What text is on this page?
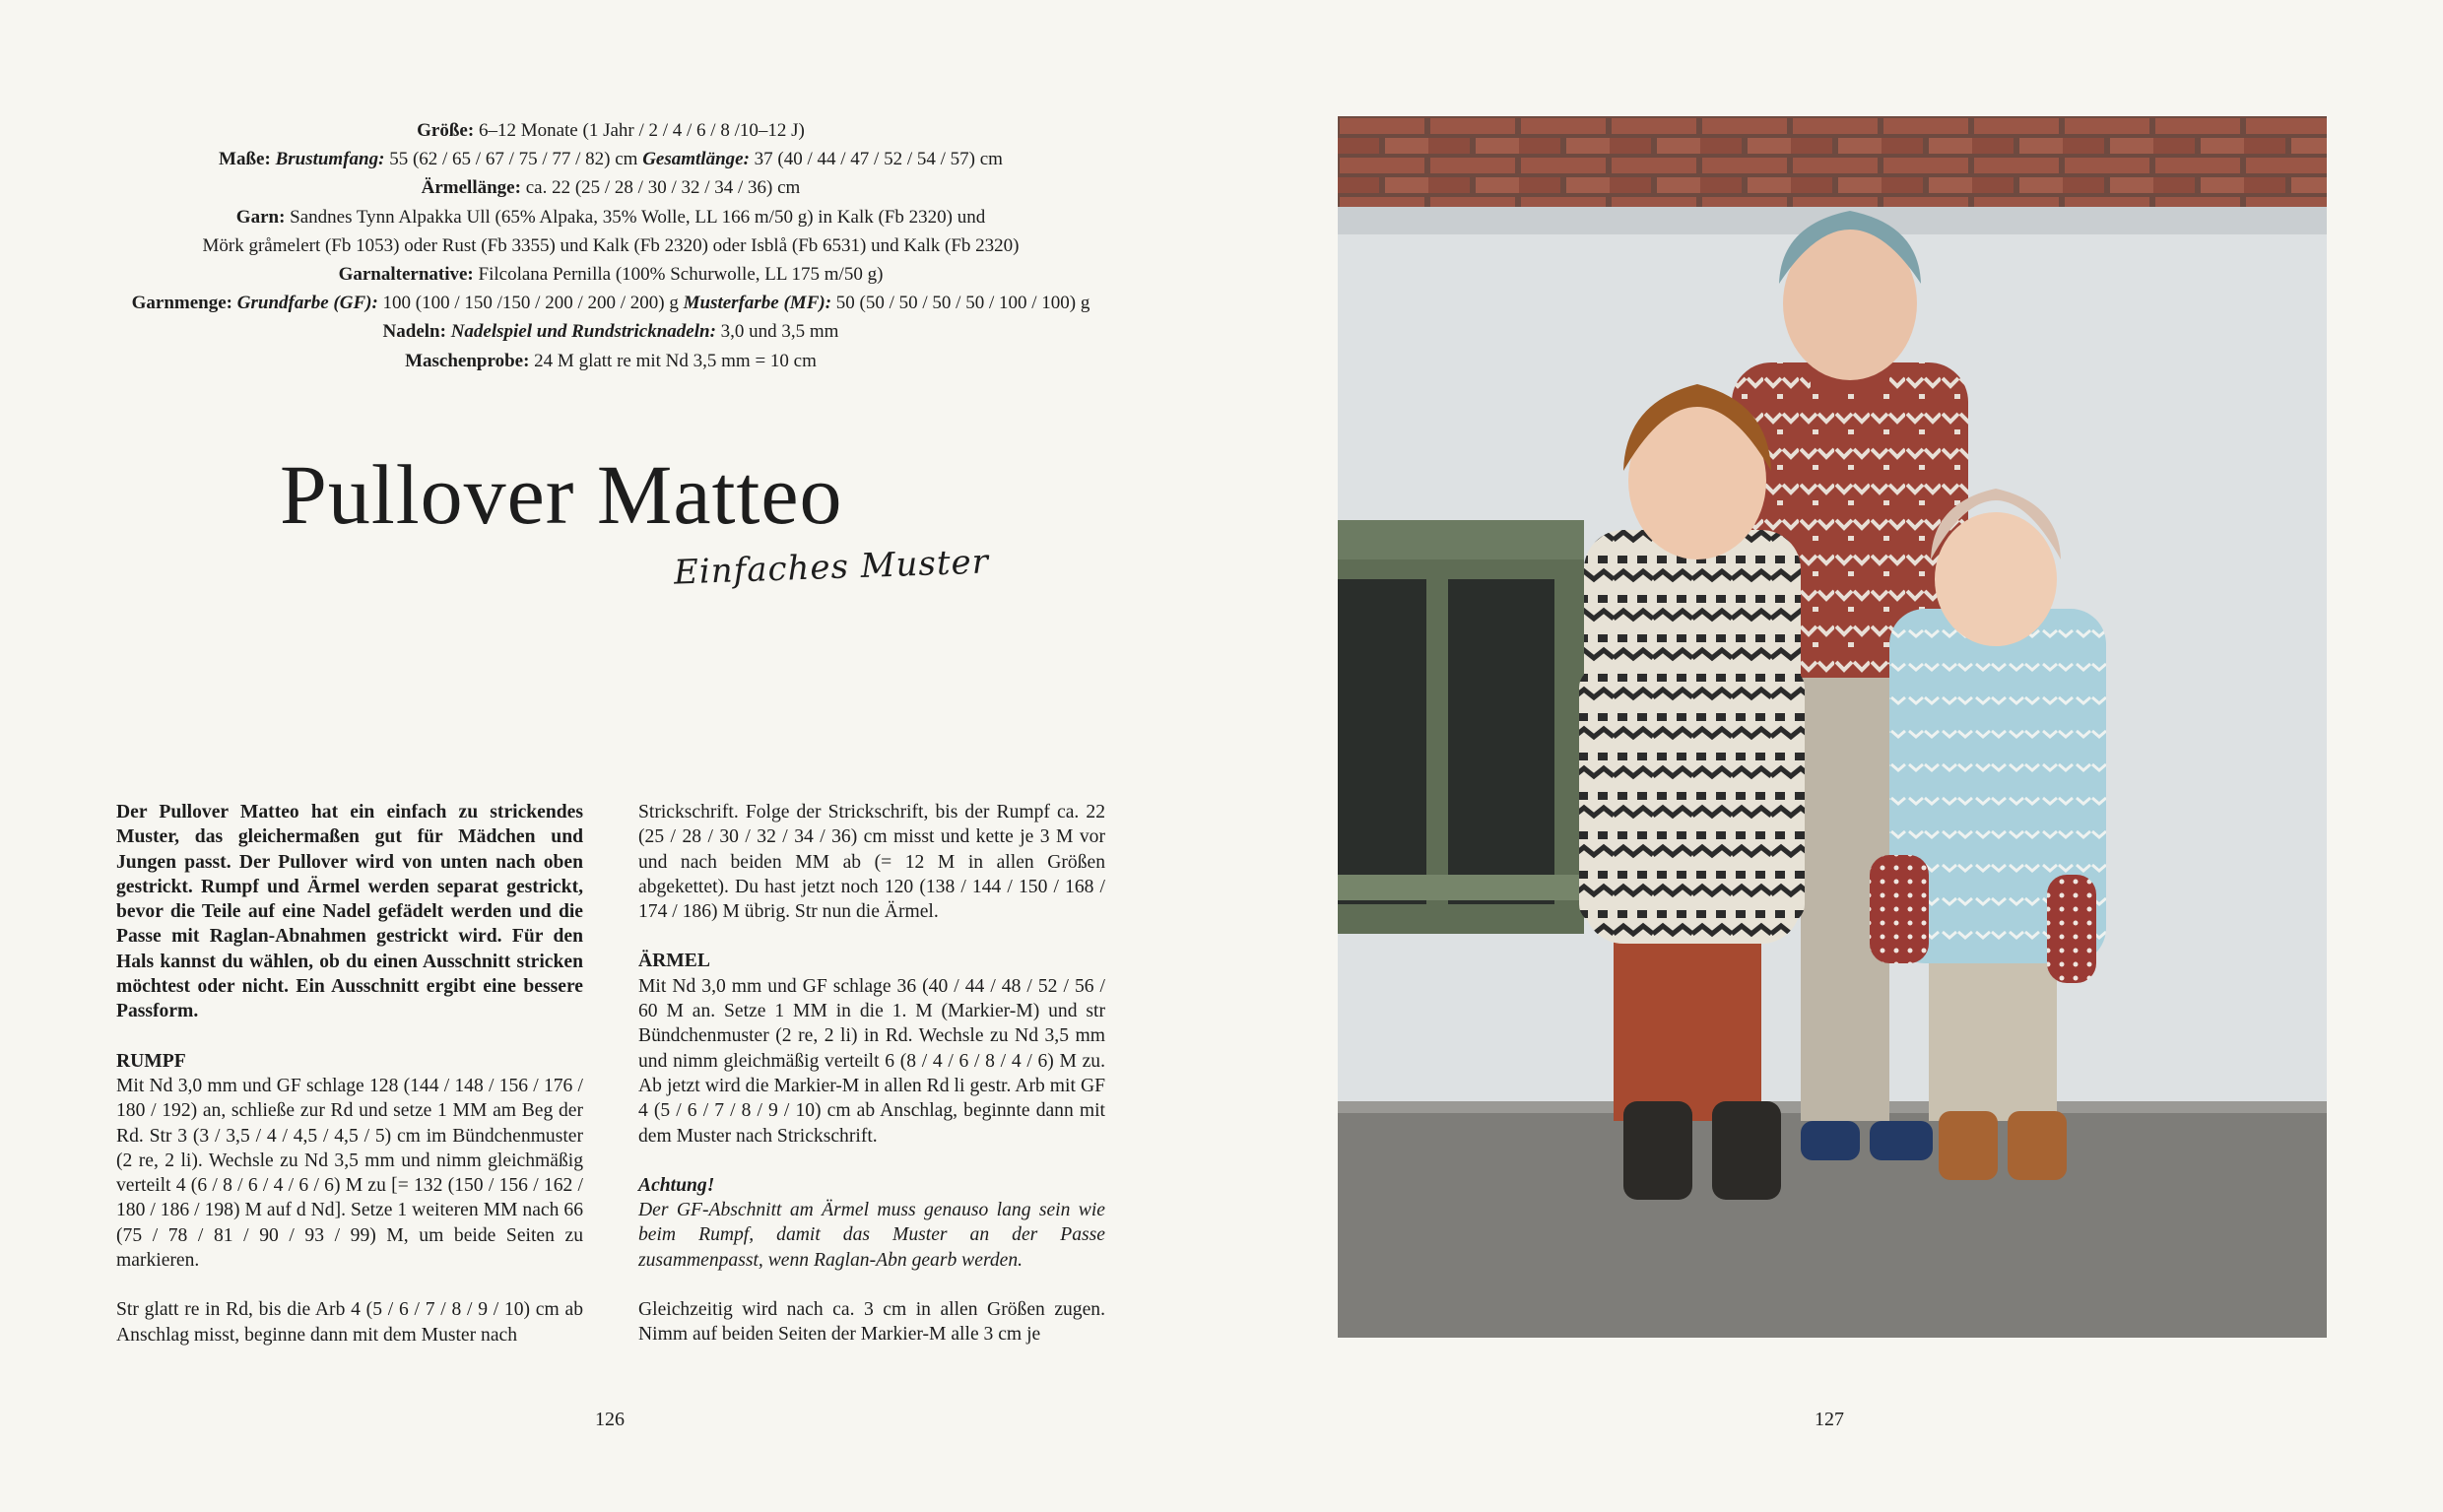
Größe: 6–12 Monate (1 Jahr / 2 / 4 / 6 / 8 /10–12 J)
Maße: Brustumfang: 55 (62 / 65 / 67 / 75 / 77 / 82) cm Gesamtlänge: 37 (40 / 44 / 47 / 52 / 54 / 57) cm
Ärmellänge: ca. 22 (25 / 28 / 30 / 32 / 34 / 36) cm
Garn: Sandnes Tynn Alpakka Ull (65% Alpaka, 35% Wolle, LL 166 m/50 g) in Kalk (Fb 2320) und
Mörk gråmelert (Fb 1053) oder Rust (Fb 3355) und Kalk (Fb 2320) oder Isblå (Fb 6531) und Kalk (Fb 2320)
Garnalternative: Filcolana Pernilla (100% Schurwolle, LL 175 m/50 g)
Garnmenge: Grundfarbe (GF): 100 (100 / 150 /150 / 200 / 200 / 200) g Musterfarbe (MF): 50 (50 / 50 / 50 / 50 / 100 / 100) g
Nadeln: Nadelspiel und Rundstricknadeln: 3,0 und 3,5 mm
Maschenprobe: 24 M glatt re mit Nd 3,5 mm = 10 cm
Pullover Matteo
Einfaches Muster

Der Pullover Matteo hat ein einfach zu strickendes Muster, das gleichermaßen gut für Mädchen und Jungen passt. Der Pullover wird von unten nach oben gestrickt. Rumpf und Ärmel werden separat gestrickt, bevor die Teile auf eine Nadel gefädelt werden und die Passe mit Raglan-Abnahmen gestrickt wird. Für den Hals kannst du wählen, ob du einen Ausschnitt stricken möchtest oder nicht. Ein Ausschnitt ergibt eine bessere Passform.

RUMPF

Mit Nd 3,0 mm und GF schlage 128 (144 / 148 / 156 / 176 / 180 / 192) an, schließe zur Rd und setze 1 MM am Beg der Rd. Str 3 (3 / 3,5 / 4 / 4,5 / 4,5 / 5) cm im Bündchenmuster (2 re, 2 li). Wechsle zu Nd 3,5 mm und nimm gleichmäßig verteilt 4 (6 / 8 / 6 / 4 / 6 / 6) M zu [= 132 (150 / 156 / 162 / 180 / 186 / 198) M auf d Nd]. Setze 1 weiteren MM nach 66 (75 / 78 / 81 / 90 / 93 / 99) M, um beide Seiten zu markieren.

Str glatt re in Rd, bis die Arb 4 (5 / 6 / 7 / 8 / 9 / 10) cm ab Anschlag misst, beginne dann mit dem Muster nach

Strickschrift. Folge der Strickschrift, bis der Rumpf ca. 22 (25 / 28 / 30 / 32 / 34 / 36) cm misst und kette je 3 M vor und nach beiden MM ab (= 12 M in allen Größen abgekettet). Du hast jetzt noch 120 (138 / 144 / 150 / 168 / 174 / 186) M übrig. Str nun die Ärmel.

ÄRMEL

Mit Nd 3,0 mm und GF schlage 36 (40 / 44 / 48 / 52 / 56 / 60 M an. Setze 1 MM in die 1. M (Markier-M) und str Bündchenmuster (2 re, 2 li) in Rd. Wechsle zu Nd 3,5 mm und nimm gleichmäßig verteilt 6 (8 / 4 / 6 / 8 / 4 / 6) M zu. Ab jetzt wird die Markier-M in allen Rd li gestr. Arb mit GF 4 (5 / 6 / 7 / 8 / 9 / 10) cm ab Anschlag, beginnte dann mit dem Muster nach Strickschrift.

Achtung!

Der GF-Abschnitt am Ärmel muss genauso lang sein wie beim Rumpf, damit das Muster an der Passe zusammenpasst, wenn Raglan-Abn gearb werden.

Gleichzeitig wird nach ca. 3 cm in allen Größen zugen. Nimm auf beiden Seiten der Markier-M alle 3 cm je

126	127
